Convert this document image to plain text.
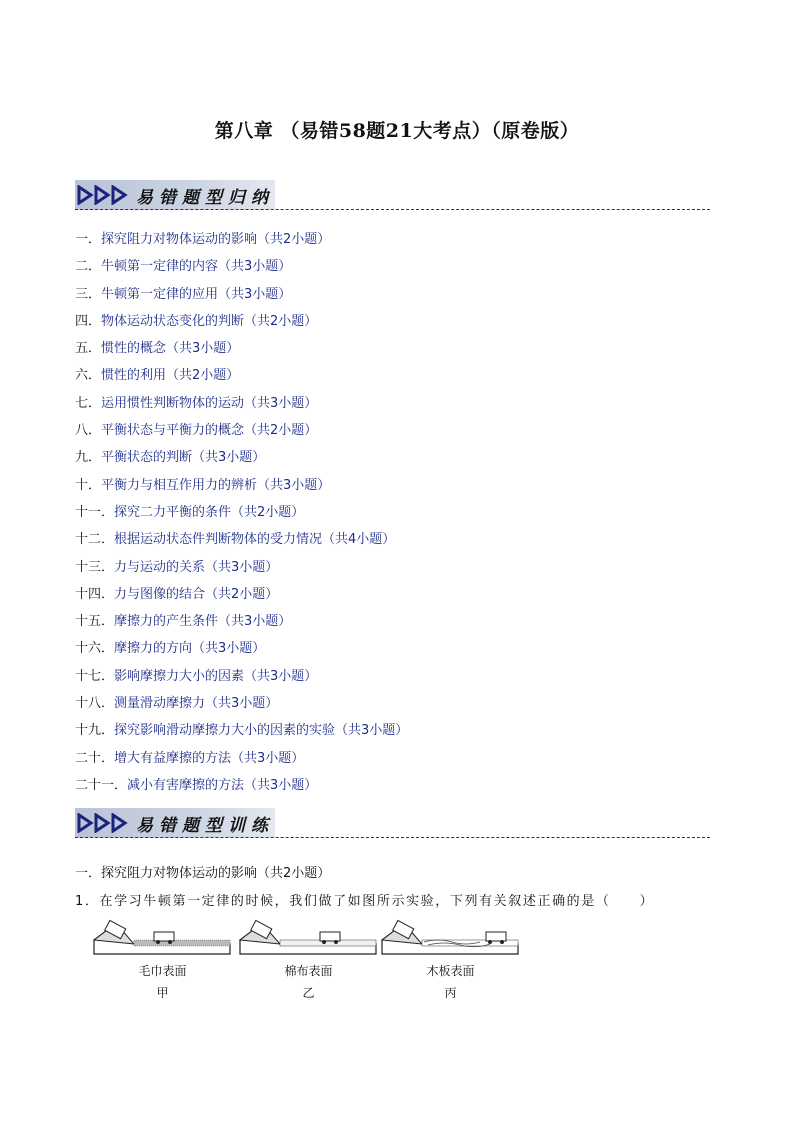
第八章 （易错58题21大考点）（原卷版）
易错题型归纳
一．探究阻力对物体运动的影响（共2小题）
二．牛顿第一定律的内容（共3小题）
三．牛顿第一定律的应用（共3小题）
四．物体运动状态变化的判断（共2小题）
五．惯性的概念（共3小题）
六．惯性的利用（共2小题）
七．运用惯性判断物体的运动（共3小题）
八．平衡状态与平衡力的概念（共2小题）
九．平衡状态的判断（共3小题）
十．平衡力与相互作用力的辨析（共3小题）
十一．探究二力平衡的条件（共2小题）
十二．根据运动状态件判断物体的受力情况（共4小题）
十三．力与运动的关系（共3小题）
十四．力与图像的结合（共2小题）
十五．摩擦力的产生条件（共3小题）
十六．摩擦力的方向（共3小题）
十七．影响摩擦力大小的因素（共3小题）
十八．测量滑动摩擦力（共3小题）
十九．探究影响滑动摩擦力大小的因素的实验（共3小题）
二十．增大有益摩擦的方法（共3小题）
二十一．减小有害摩擦的方法（共3小题）
易错题型训练
一．探究阻力对物体运动的影响（共2小题）
1．在学习牛顿第一定律的时候，我们做了如图所示实验，下列有关叙述正确的是（　　）
毛巾表面
甲
棉布表面
乙
木板表面
丙
